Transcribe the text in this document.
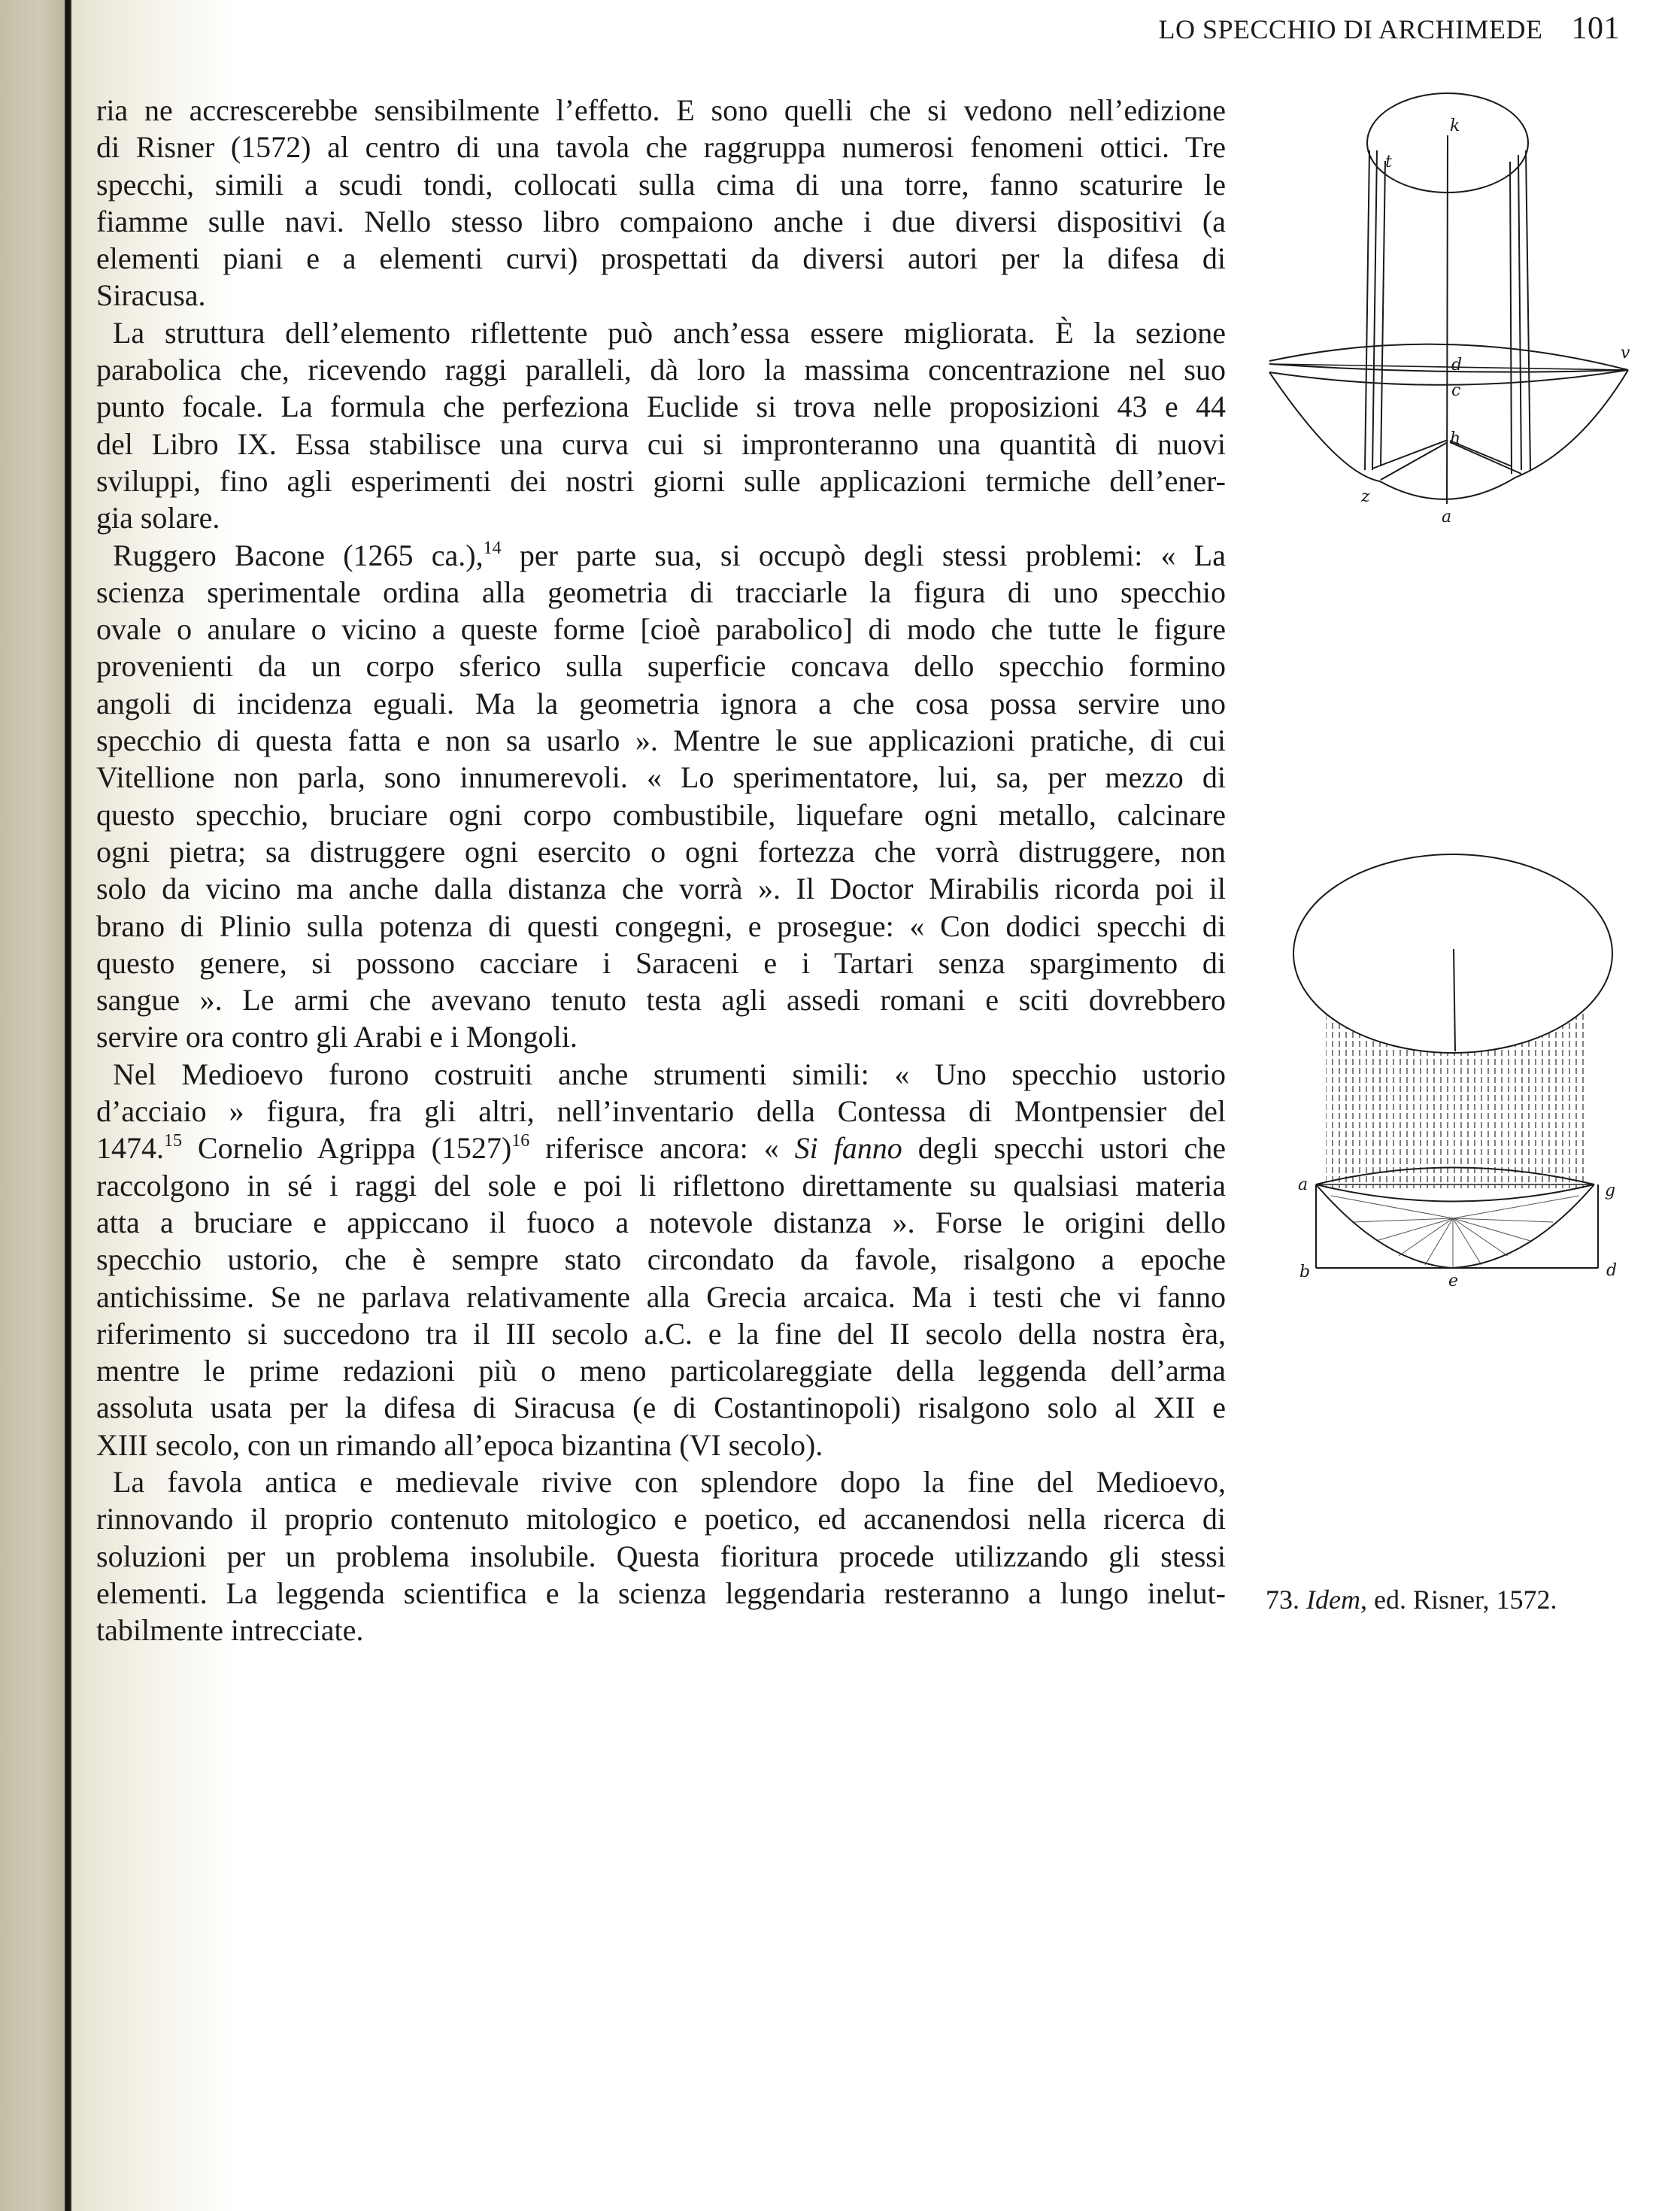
LO SPECCHIO DI ARCHIMEDE 101
ria ne accrescerebbe sensibilmente l’effetto. E sono quelli che si vedono nell’edizione
di Risner (1572) al centro di una tavola che raggruppa numerosi fenomeni ottici. Tre
specchi, simili a scudi tondi, collocati sulla cima di una torre, fanno scaturire le
fiamme sulle navi. Nello stesso libro compaiono anche i due diversi dispositivi (a
elementi piani e a elementi curvi) prospettati da diversi autori per la difesa di
Siracusa.
La struttura dell’elemento riflettente può anch’essa essere migliorata. È la sezione
parabolica che, ricevendo raggi paralleli, dà loro la massima concentrazione nel suo
punto focale. La formula che perfeziona Euclide si trova nelle proposizioni 43 e 44
del Libro IX. Essa stabilisce una curva cui si impronteranno una quantità di nuovi
sviluppi, fino agli esperimenti dei nostri giorni sulle applicazioni termiche dell’ener-
gia solare.
Ruggero Bacone (1265 ca.),$^{14}$ per parte sua, si occupò degli stessi problemi: « La
scienza sperimentale ordina alla geometria di tracciarle la figura di uno specchio
ovale o anulare o vicino a queste forme [cioè parabolico] di modo che tutte le figure
provenienti da un corpo sferico sulla superficie concava dello specchio formino
angoli di incidenza eguali. Ma la geometria ignora a che cosa possa servire uno
specchio di questa fatta e non sa usarlo ». Mentre le sue applicazioni pratiche, di cui
Vitellione non parla, sono innumerevoli. « Lo sperimentatore, lui, sa, per mezzo di
questo specchio, bruciare ogni corpo combustibile, liquefare ogni metallo, calcinare
ogni pietra; sa distruggere ogni esercito o ogni fortezza che vorrà distruggere, non
solo da vicino ma anche dalla distanza che vorrà ». Il Doctor Mirabilis ricorda poi il
brano di Plinio sulla potenza di questi congegni, e prosegue: « Con dodici specchi di
questo genere, si possono cacciare i Saraceni e i Tartari senza spargimento di
sangue ». Le armi che avevano tenuto testa agli assedi romani e sciti dovrebbero
servire ora contro gli Arabi e i Mongoli.
Nel Medioevo furono costruiti anche strumenti simili: « Uno specchio ustorio
d’acciaio » figura, fra gli altri, nell’inventario della Contessa di Montpensier del
1474.15 Cornelio Agrippa $(1527)^{16}$ riferisce ancora: « Si fanno degli specchi ustori che
raccolgono in sé i raggi del sole e poi li riflettono direttamente su qualsiasi materia
atta a bruciare e appiccano il fuoco a notevole distanza ». Forse le origini dello
specchio ustorio, che è sempre stato circondato da favole, risalgono a epoche
antichissime. Se ne parlava relativamente alla Grecia arcaica. Ma i testi che vi fanno
riferimento si succedono tra il III secolo a.C. e la fine del II secolo della nostra èra,
mentre le prime redazioni più o meno particolareggiate della leggenda dell’arma
assoluta usata per la difesa di Siracusa (e di Costantinopoli) risalgono solo al XII e
XIII secolo, con un rimando all’epoca bizantina (VI secolo).
La favola antica e medievale rivive con splendore dopo la fine del Medioevo,
rinnovando il proprio contenuto mitologico e poetico, ed accanendosi nella ricerca di
soluzioni per un problema insolubile. Questa fioritura procede utilizzando gli stessi
elementi. La leggenda scientifica e la scienza leggendaria resteranno a lungo inelut-
tabilmente intrecciate.
k
t
d
c
h
z
a
v
a	g
b	d
e
73. Idem, ed. Risner, 1572.
